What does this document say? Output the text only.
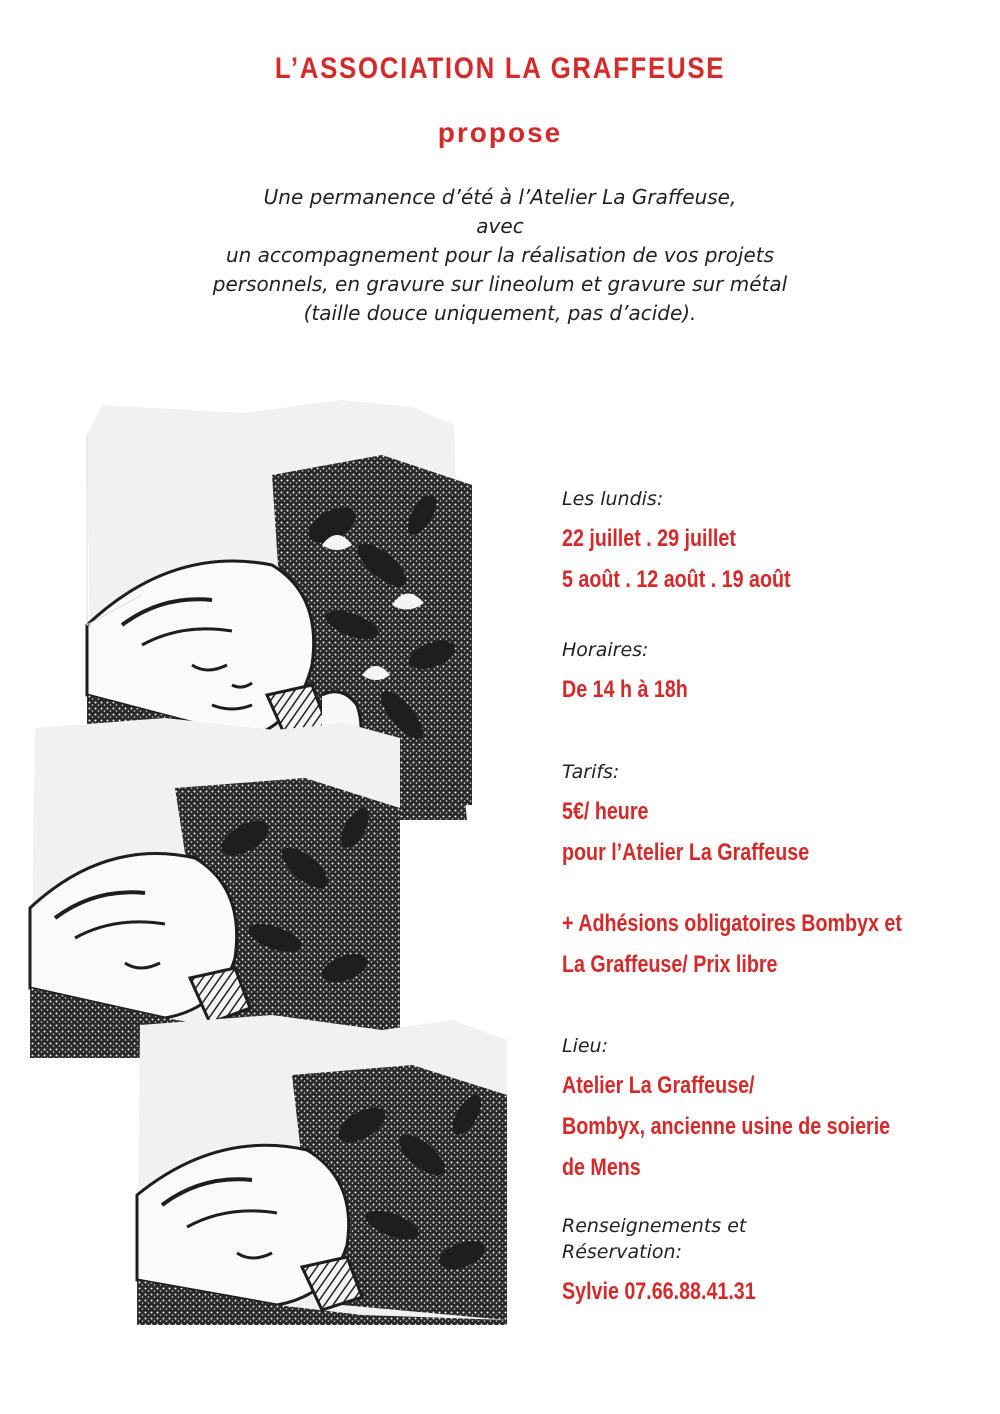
L’ASSOCIATION LA GRAFFEUSE
propose
Une permanence d’été à l’Atelier La Graffeuse,
avec
un accompagnement pour la réalisation de vos projets
personnels, en gravure sur lineolum et gravure sur métal
(taille douce uniquement, pas d’acide).
Les lundis:
22 juillet . 29 juillet
5 août . 12 août . 19 août
Horaires:
De 14 h à 18h
Tarifs:
5€/ heure
pour l’Atelier La Graffeuse
+ Adhésions obligatoires Bombyx et
La Graffeuse/ Prix libre
Lieu:
Atelier La Graffeuse/
Bombyx, ancienne usine de soierie
de Mens
Renseignements et
Réservation:
Sylvie 07.66.88.41.31
